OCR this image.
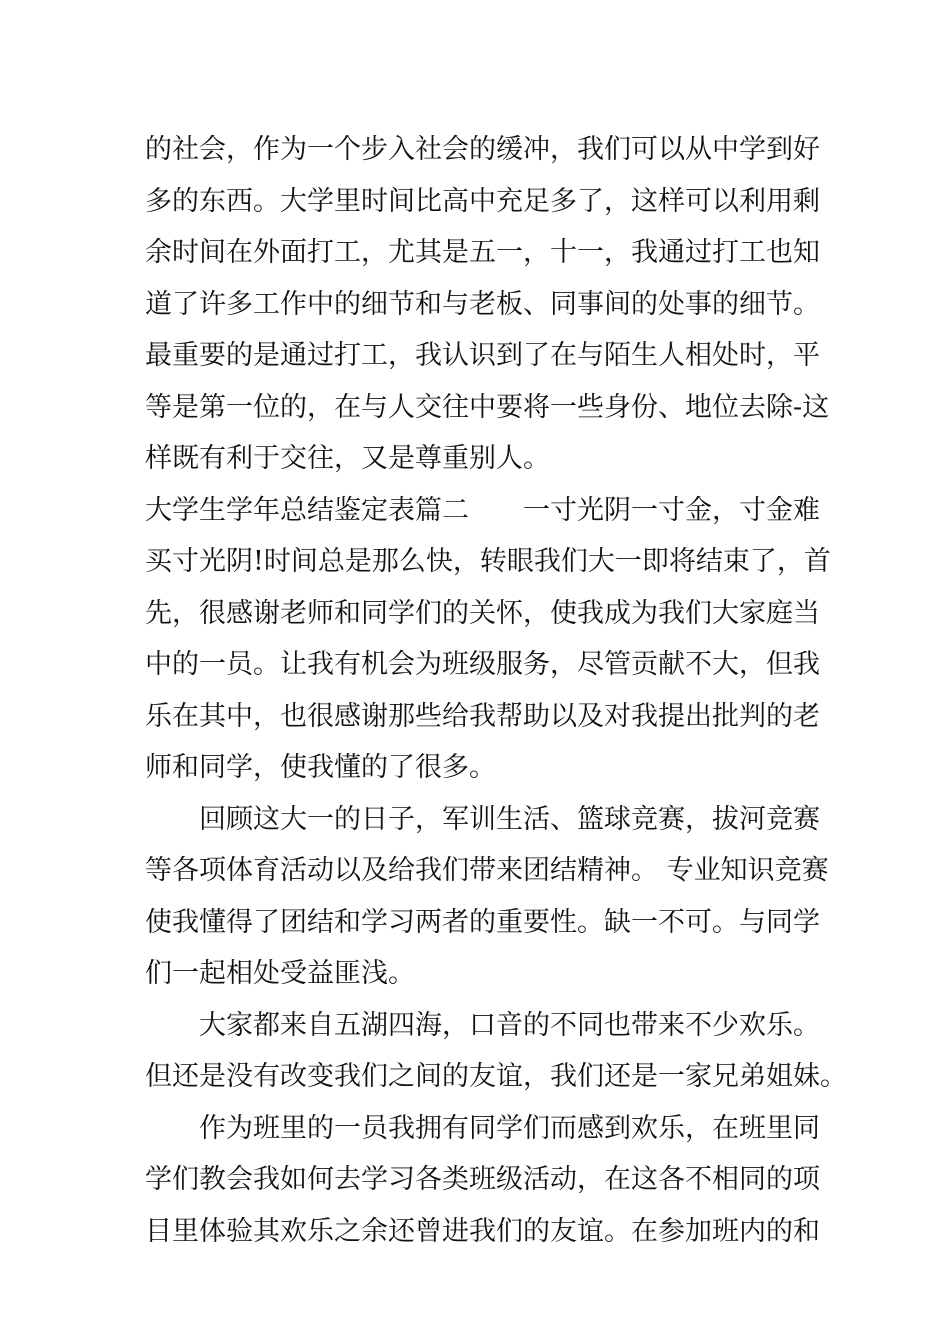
的社会，作为一个步入社会的缓冲，我们可以从中学到好
多的东西。大学里时间比高中充足多了，这样可以利用剩
余时间在外面打工，尤其是五一，十一，我通过打工也知
道了许多工作中的细节和与老板、同事间的处事的细节。
最重要的是通过打工，我认识到了在与陌生人相处时，平
等是第一位的，在与人交往中要将一些身份、地位去除-这
样既有利于交往，又是尊重别人。
大学生学年总结鉴定表篇二 一寸光阴一寸金，寸金难
买寸光阴!时间总是那么快，转眼我们大一即将结束了，首
先，很感谢老师和同学们的关怀，使我成为我们大家庭当
中的一员。让我有机会为班级服务，尽管贡献不大，但我
乐在其中，也很感谢那些给我帮助以及对我提出批判的老
师和同学，使我懂的了很多。
回顾这大一的日子，军训生活、篮球竞赛，拔河竞赛
等各项体育活动以及给我们带来团结精神。 专业知识竞赛
使我懂得了团结和学习两者的重要性。缺一不可。与同学
们一起相处受益匪浅。
大家都来自五湖四海，口音的不同也带来不少欢乐。
但还是没有改变我们之间的友谊，我们还是一家兄弟姐妹。
作为班里的一员我拥有同学们而感到欢乐，在班里同
学们教会我如何去学习各类班级活动，在这各不相同的项
目里体验其欢乐之余还曾进我们的友谊。在参加班内的和
